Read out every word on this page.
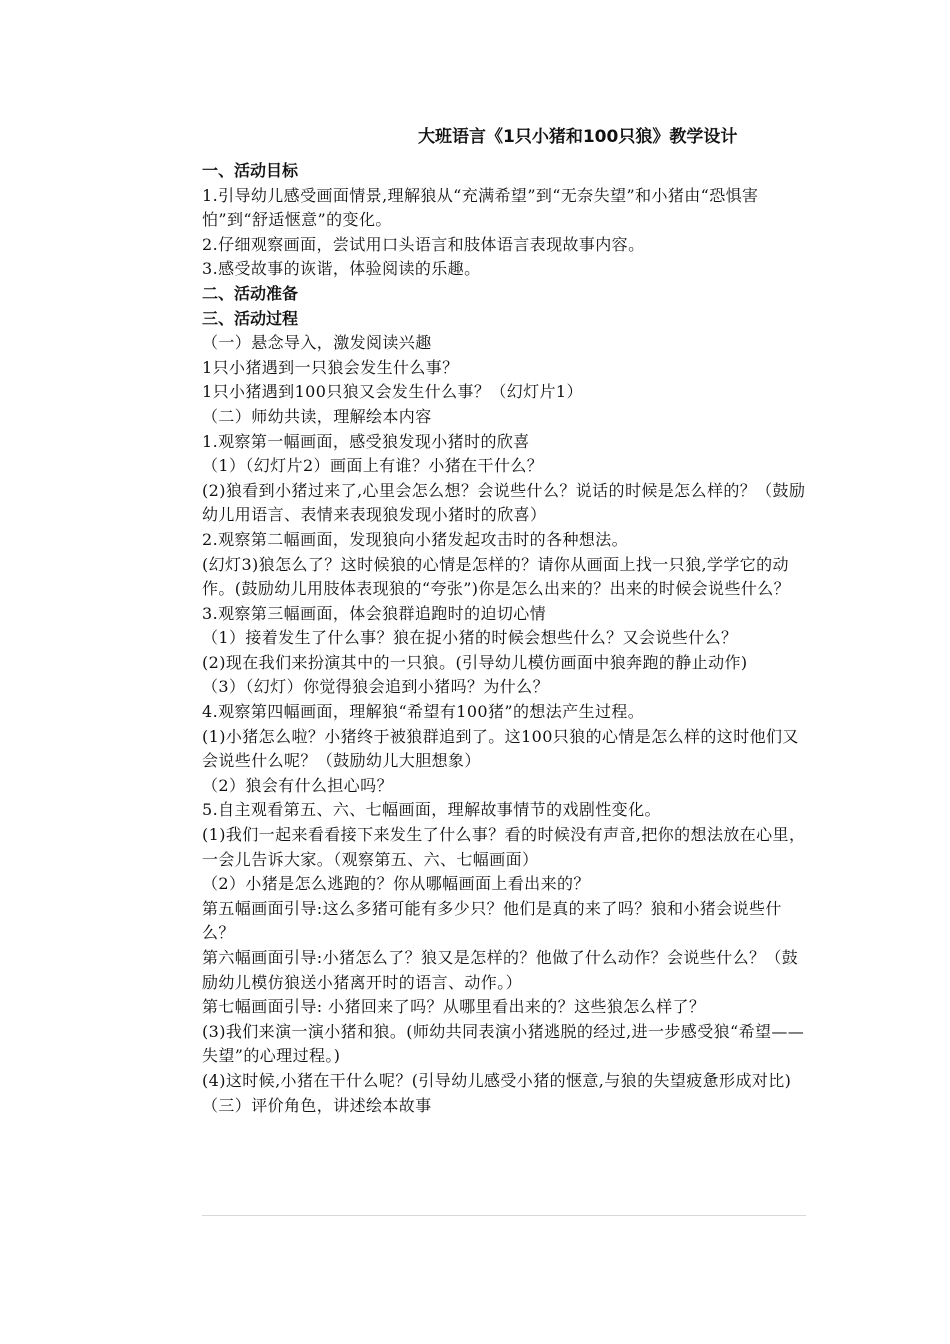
大班语言《1只小猪和100只狼》教学设计
一、活动目标
1.引导幼儿感受画面情景,理解狼从“充满希望”到“无奈失望”和小猪由“恐惧害怕”到“舒适惬意”的变化。
2.仔细观察画面，尝试用口头语言和肢体语言表现故事内容。
3.感受故事的诙谐，体验阅读的乐趣。
二、活动准备
三、活动过程
（一）悬念导入，激发阅读兴趣
1只小猪遇到一只狼会发生什么事？
1只小猪遇到100只狼又会发生什么事？（幻灯片1）
（二）师幼共读，理解绘本内容
1.观察第一幅画面，感受狼发现小猪时的欣喜
（1）（幻灯片2）画面上有谁？小猪在干什么？
(2)狼看到小猪过来了,心里会怎么想？会说些什么？说话的时候是怎么样的？（鼓励幼儿用语言、表情来表现狼发现小猪时的欣喜）
2.观察第二幅画面，发现狼向小猪发起攻击时的各种想法。
(幻灯3)狼怎么了？这时候狼的心情是怎样的？请你从画面上找一只狼,学学它的动作。(鼓励幼儿用肢体表现狼的“夸张”)你是怎么出来的？出来的时候会说些什么？
3.观察第三幅画面，体会狼群追跑时的迫切心情
（1）接着发生了什么事？狼在捉小猪的时候会想些什么？又会说些什么？
(2)现在我们来扮演其中的一只狼。(引导幼儿模仿画面中狼奔跑的静止动作)
（3）（幻灯）你觉得狼会追到小猪吗？为什么？
4.观察第四幅画面，理解狼“希望有100猪”的想法产生过程。
(1)小猪怎么啦？小猪终于被狼群追到了。这100只狼的心情是怎么样的这时他们又会说些什么呢？（鼓励幼儿大胆想象）
（2）狼会有什么担心吗？
5.自主观看第五、六、七幅画面，理解故事情节的戏剧性变化。
(1)我们一起来看看接下来发生了什么事？看的时候没有声音,把你的想法放在心里，一会儿告诉大家。（观察第五、六、七幅画面）
（2）小猪是怎么逃跑的？你从哪幅画面上看出来的？
第五幅画面引导:这么多猪可能有多少只？他们是真的来了吗？狼和小猪会说些什么？
第六幅画面引导:小猪怎么了？狼又是怎样的？他做了什么动作？会说些什么？（鼓励幼儿模仿狼送小猪离开时的语言、动作。）
第七幅画面引导: 小猪回来了吗？从哪里看出来的？这些狼怎么样了？
(3)我们来演一演小猪和狼。(师幼共同表演小猪逃脱的经过,进一步感受狼“希望——失望”的心理过程。)
(4)这时候,小猪在干什么呢？(引导幼儿感受小猪的惬意,与狼的失望疲惫形成对比)
（三）评价角色，讲述绘本故事
